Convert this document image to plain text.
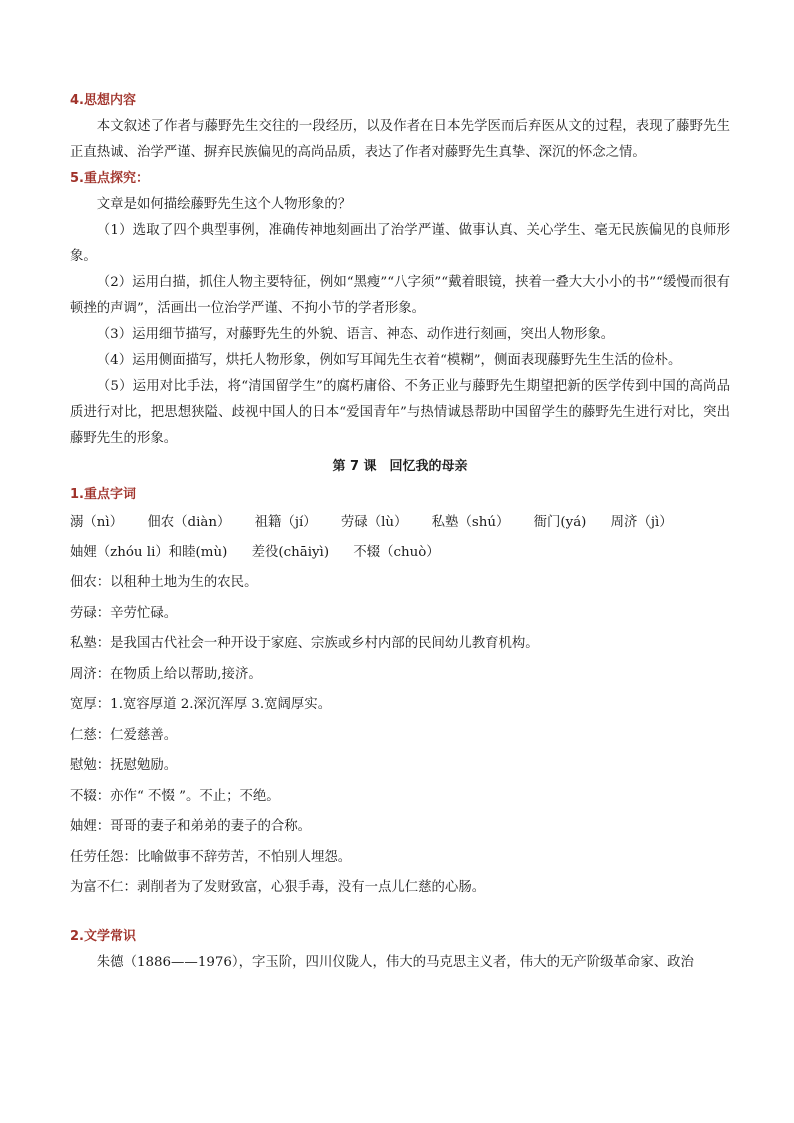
4.思想内容

本文叙述了作者与藤野先生交往的一段经历，以及作者在日本先学医而后弃医从文的过程，表现了藤野先生正直热诚、治学严谨、摒弃民族偏见的高尚品质，表达了作者对藤野先生真挚、深沉的怀念之情。

5.重点探究：

文章是如何描绘藤野先生这个人物形象的？

（1）选取了四个典型事例，准确传神地刻画出了治学严谨、做事认真、关心学生、毫无民族偏见的良师形象。

（2）运用白描，抓住人物主要特征，例如“黑瘦”“八字须”“戴着眼镜，挟着一叠大大小小的书”“缓慢而很有顿挫的声调”，活画出一位治学严谨、不拘小节的学者形象。

（3）运用细节描写，对藤野先生的外貌、语言、神态、动作进行刻画，突出人物形象。

（4）运用侧面描写，烘托人物形象，例如写耳闻先生衣着“模糊”，侧面表现藤野先生生活的俭朴。

（5）运用对比手法，将“清国留学生”的腐朽庸俗、不务正业与藤野先生期望把新的医学传到中国的高尚品质进行对比，把思想狭隘、歧视中国人的日本“爱国青年”与热情诚恳帮助中国留学生的藤野先生进行对比，突出藤野先生的形象。

第 7 课　回忆我的母亲

1.重点字词

溺（nì） 佃农（diàn） 祖籍（jí） 劳碌（lù） 私塾（shú） 衙门(yá) 周济（jì）

妯娌（zhóu li）和睦(mù) 差役(chāiyì) 不辍（chuò）

佃农：以租种土地为生的农民。

劳碌：辛劳忙碌。

私塾：是我国古代社会一种开设于家庭、宗族或乡村内部的民间幼儿教育机构。

周济：在物质上给以帮助,接济。

宽厚：1.宽容厚道 2.深沉浑厚 3.宽阔厚实。

仁慈：仁爱慈善。

慰勉：抚慰勉励。

不辍：亦作“ 不惙 ”。不止；不绝。

妯娌：哥哥的妻子和弟弟的妻子的合称。

任劳任怨：比喻做事不辞劳苦，不怕别人埋怨。

为富不仁：剥削者为了发财致富，心狠手毒，没有一点儿仁慈的心肠。

2.文学常识

朱德（1886——1976），字玉阶，四川仪陇人，伟大的马克思主义者，伟大的无产阶级革命家、政治
